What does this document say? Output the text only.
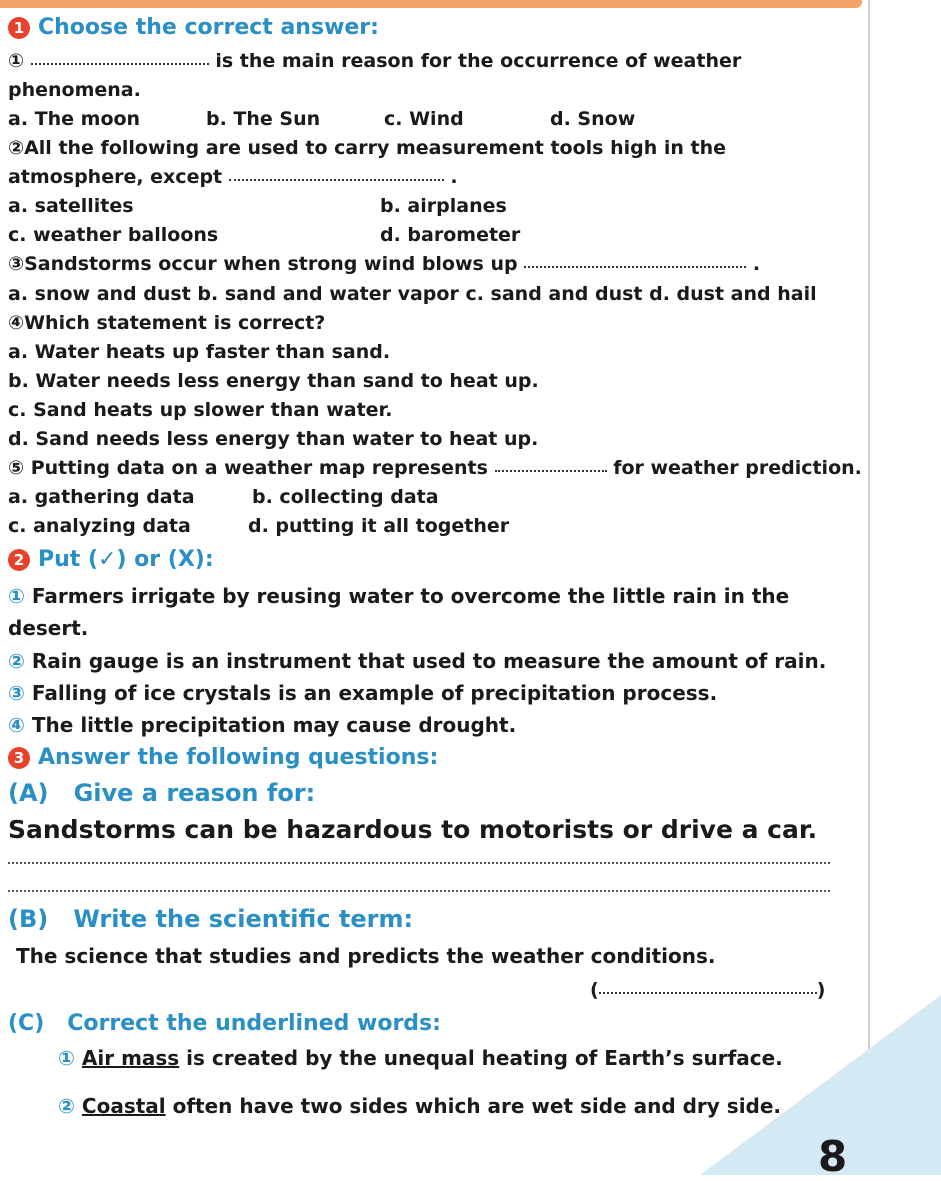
8
1 Choose the correct answer:
①	is the main reason for the occurrence of weather
phenomena.
a. The moon	b. The Sun	c. Wind	d. Snow
②All the following are used to carry measurement tools high in the
atmosphere, except	.
a. satellites	b. airplanes
c. weather balloons	d. barometer
③Sandstorms occur when strong wind blows up	.
a. snow and dust b. sand and water vapor c. sand and dust d. dust and hail
④Which statement is correct?
a. Water heats up faster than sand.
b. Water needs less energy than sand to heat up.
c. Sand heats up slower than water.
d. Sand needs less energy than water to heat up.
⑤ Putting data on a weather map represents	for weather prediction.
a. gathering data	b. collecting data
c. analyzing data	d. putting it all together
2 Put (✓) or (X):
① Farmers irrigate by reusing water to overcome the little rain in the
desert.
② Rain gauge is an instrument that used to measure the amount of rain.
③ Falling of ice crystals is an example of precipitation process.
④ The little precipitation may cause drought.
3 Answer the following questions:
(A) Give a reason for:
Sandstorms can be hazardous to motorists or drive a car.
(B) Write the scientific term:
The science that studies and predicts the weather conditions.
(	)
(C) Correct the underlined words:
① Air mass is created by the unequal heating of Earth’s surface.
② Coastal often have two sides which are wet side and dry side.
